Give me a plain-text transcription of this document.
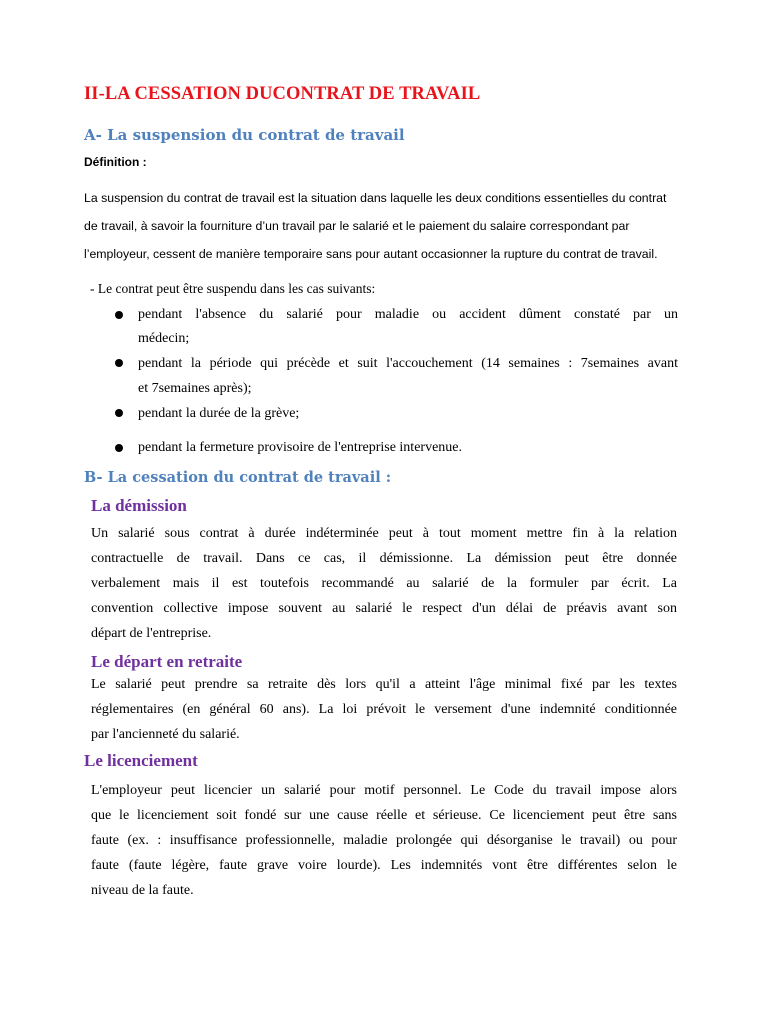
II-LA CESSATION DUCONTRAT DE TRAVAIL
A- La suspension du contrat de travail
Définition :

La suspension du contrat de travail est la situation dans laquelle les deux conditions essentielles du contrat
de travail, à savoir la fourniture d’un travail par le salarié et le paiement du salaire correspondant par
l’employeur, cessent de manière temporaire sans pour autant occasionner la rupture du contrat de travail.

- Le contrat peut être suspendu dans les cas suivants:
pendant l'absence du salarié pour maladie ou accident dûment constaté par un
médecin;
pendant la période qui précède et suit l'accouchement (14 semaines : 7semaines avant
et 7semaines après);
pendant la durée de la grève;
pendant la fermeture provisoire de l'entreprise intervenue.
B- La cessation du contrat de travail :
La démission
Un salarié sous contrat à durée indéterminée peut à tout moment mettre fin à la relation
contractuelle de travail. Dans ce cas, il démissionne. La démission peut être donnée
verbalement mais il est toutefois recommandé au salarié de la formuler par écrit. La
convention collective impose souvent au salarié le respect d'un délai de préavis avant son
départ de l'entreprise.
Le départ en retraite
Le salarié peut prendre sa retraite dès lors qu'il a atteint l'âge minimal fixé par les textes
réglementaires (en général 60 ans). La loi prévoit le versement d'une indemnité conditionnée
par l'ancienneté du salarié.
Le licenciement
L'employeur peut licencier un salarié pour motif personnel. Le Code du travail impose alors
que le licenciement soit fondé sur une cause réelle et sérieuse. Ce licenciement peut être sans
faute (ex. : insuffisance professionnelle, maladie prolongée qui désorganise le travail) ou pour
faute (faute légère, faute grave voire lourde). Les indemnités vont être différentes selon le
niveau de la faute.
